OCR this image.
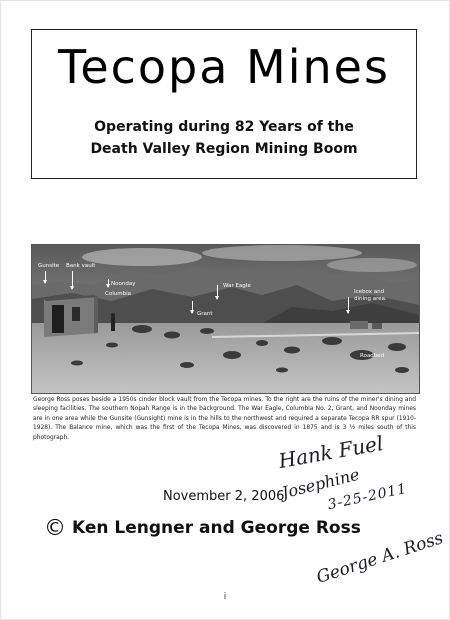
Tecopa Mines
Operating during 82 Years of the
Death Valley Region Mining Boom
Gunsite Bank vault
Noonday
Columbia
War Eagle
Grant
Icebox and
dining area.
Roadbed
George Ross poses beside a 1950s cinder block vault from the Tecopa mines. To the right are the ruins of the miner's dining and sleeping facilities. The southern Nopah Range is in the background. The War Eagle, Columbia No. 2, Grant, and Noonday mines are in one area while the Gunsite (Gunsight) mine is in the hills to the northwest and required a separate Tecopa RR spur (1910-1928). The Balance mine, which was the first of the Tecopa Mines, was discovered in 1875 and is 3 ½ miles south of this photograph.	Hank Fuel
Josephine
3-25-2011
November 2, 2006
© Ken Lengner and George Ross
George A. Ross
i
